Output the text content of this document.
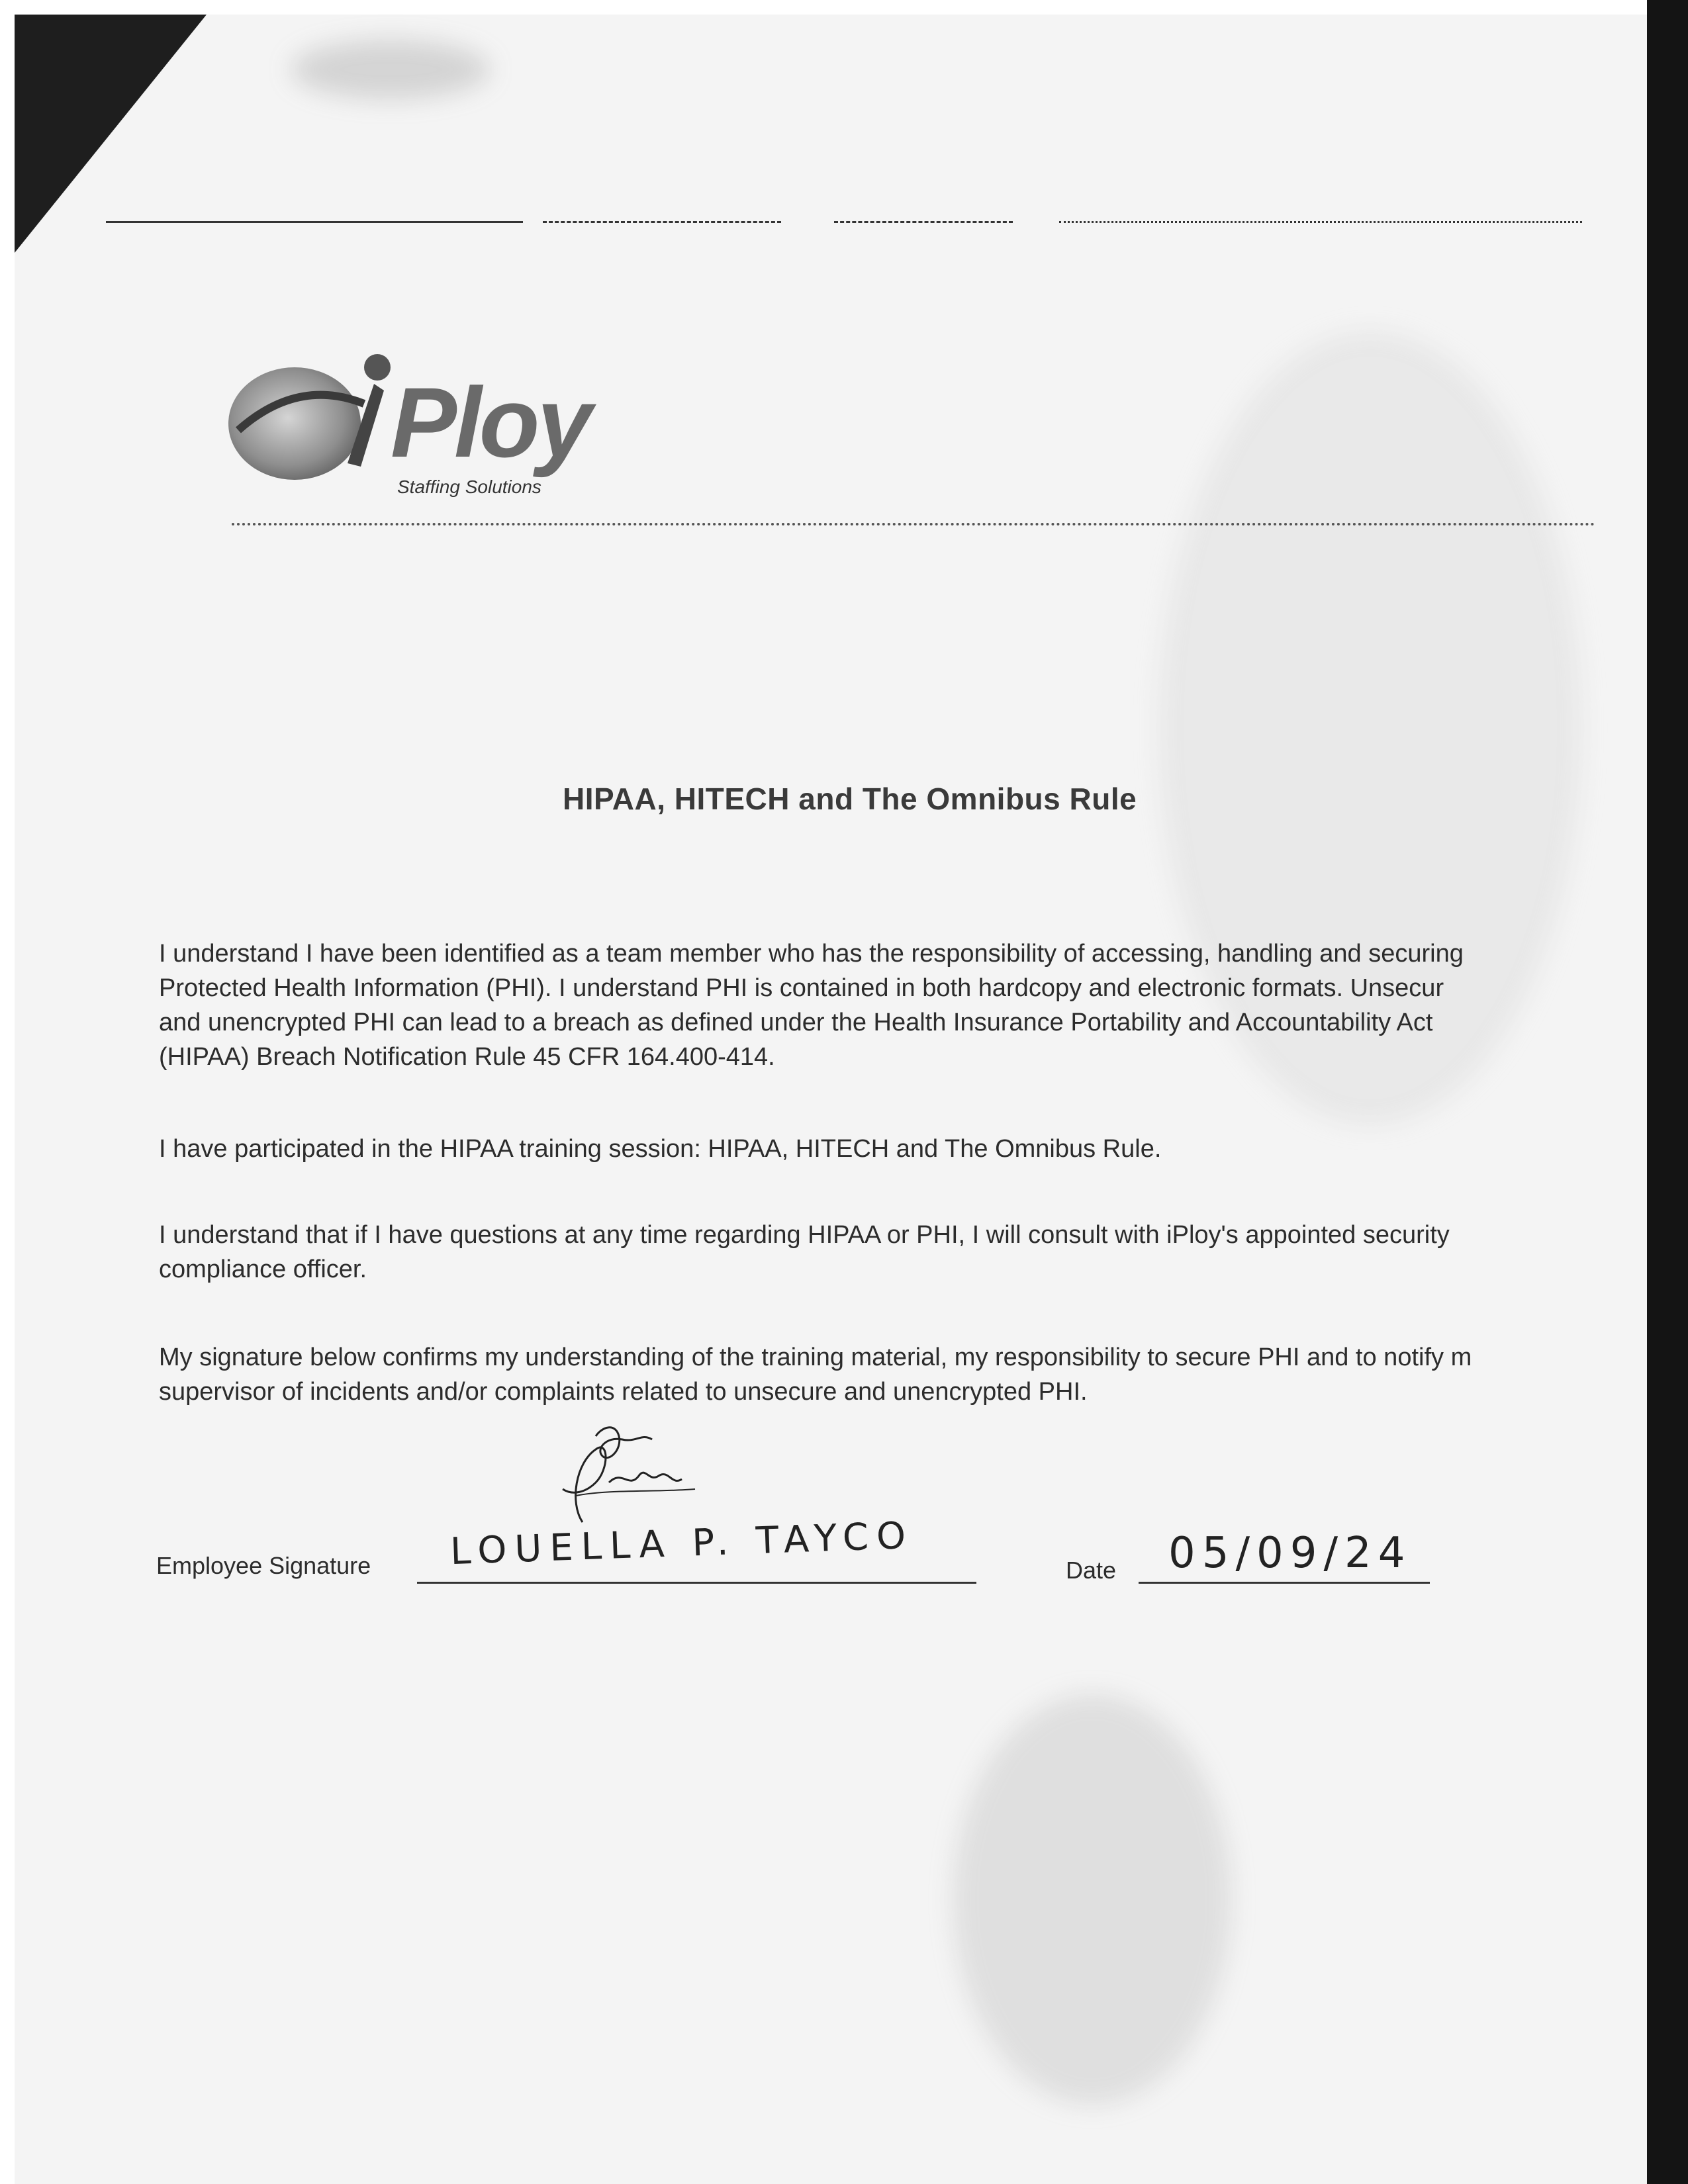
Ploy
Staffing Solutions
HIPAA, HITECH and The Omnibus Rule
I understand I have been identified as a team member who has the responsibility of accessing, handling and securing
Protected Health Information (PHI). I understand PHI is contained in both hardcopy and electronic formats. Unsecur
and unencrypted PHI can lead to a breach as defined under the Health Insurance Portability and Accountability Act
(HIPAA) Breach Notification Rule 45 CFR 164.400-414.
I have participated in the HIPAA training session: HIPAA, HITECH and The Omnibus Rule.
I understand that if I have questions at any time regarding HIPAA or PHI, I will consult with iPloy's appointed security
compliance officer.
My signature below confirms my understanding of the training material, my responsibility to secure PHI and to notify m
supervisor of incidents and/or complaints related to unsecure and unencrypted PHI.
Employee Signature LOUELLA P. TAYCO	Date 05/09/24
